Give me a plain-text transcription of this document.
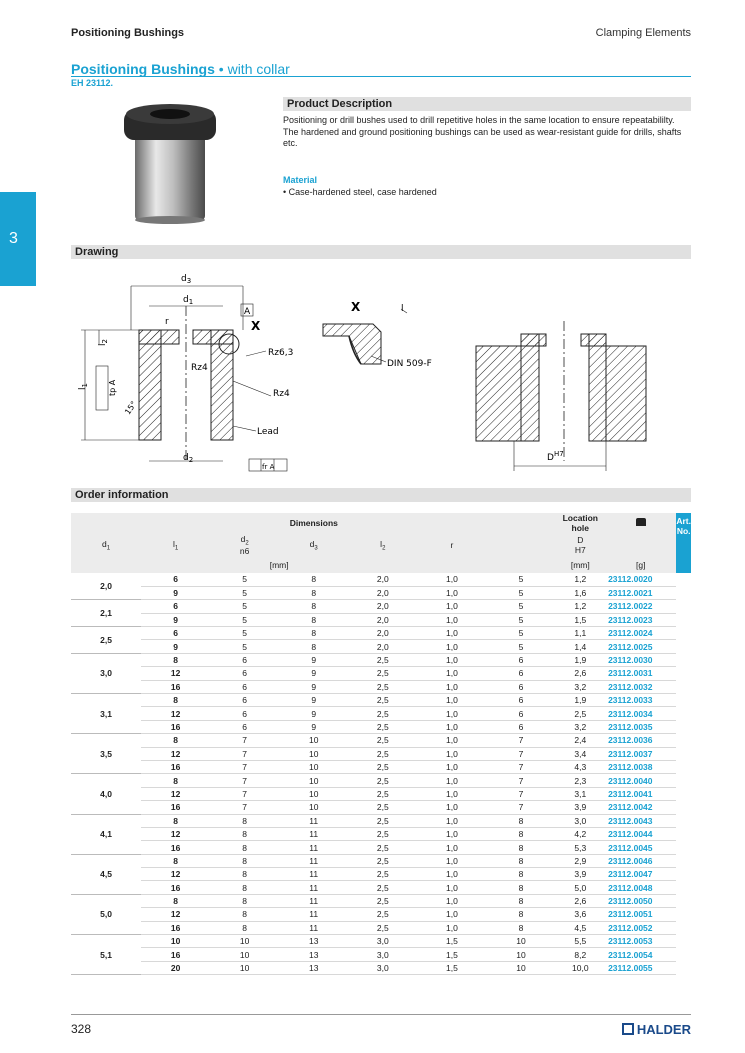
Positioning Bushings	Clamping Elements
Positioning Bushings • with collar
EH 23112.
3
Product Description
Positioning or drill bushes used to drill repetitive holes in the same location to ensure repeatabililty.
The hardened and ground positioning bushings can be used as wear-resistant guide for drills, shafts etc.
Material
• Case-hardened steel, case hardened
Drawing
$d_3$
$d_1$
A
X
r
$l_2$
$l_1$
Rz6,3
Rz4
Rz4
tp A
15°
Lead
$d_2$
fr A
X	l
DIN 509-F
$D^{H7}$
Order information
328	HALDER
	Dimensions						Location hole		Art. No.
$d_1$	$l_1$	$d_2$
n6	$d_3$	$l_2$	r		D
H7		
		[mm]					[mm]	[g]	
2,0	6	5	8	2,0	1,0	5	1,2	23112.0020	
	9	5	8	2,0	1,0	5	1,6	23112.0021	
2,1	6	5	8	2,0	1,0	5	1,2	23112.0022	
	9	5	8	2,0	1,0	5	1,5	23112.0023	
2,5	6	5	8	2,0	1,0	5	1,1	23112.0024	
	9	5	8	2,0	1,0	5	1,4	23112.0025	
3,0	8	6	9	2,5	1,0	6	1,9	23112.0030	
	12	6	9	2,5	1,0	6	2,6	23112.0031	
	16	6	9	2,5	1,0	6	3,2	23112.0032	
3,1	8	6	9	2,5	1,0	6	1,9	23112.0033	
	12	6	9	2,5	1,0	6	2,5	23112.0034	
	16	6	9	2,5	1,0	6	3,2	23112.0035	
3,5	8	7	10	2,5	1,0	7	2,4	23112.0036	
	12	7	10	2,5	1,0	7	3,4	23112.0037	
	16	7	10	2,5	1,0	7	4,3	23112.0038	
4,0	8	7	10	2,5	1,0	7	2,3	23112.0040	
	12	7	10	2,5	1,0	7	3,1	23112.0041	
	16	7	10	2,5	1,0	7	3,9	23112.0042	
4,1	8	8	11	2,5	1,0	8	3,0	23112.0043	
	12	8	11	2,5	1,0	8	4,2	23112.0044	
	16	8	11	2,5	1,0	8	5,3	23112.0045	
4,5	8	8	11	2,5	1,0	8	2,9	23112.0046	
	12	8	11	2,5	1,0	8	3,9	23112.0047	
	16	8	11	2,5	1,0	8	5,0	23112.0048	
5,0	8	8	11	2,5	1,0	8	2,6	23112.0050	
	12	8	11	2,5	1,0	8	3,6	23112.0051	
	16	8	11	2,5	1,0	8	4,5	23112.0052	
5,1	10	10	13	3,0	1,5	10	5,5	23112.0053	
	16	10	13	3,0	1,5	10	8,2	23112.0054	
	20	10	13	3,0	1,5	10	10,0	23112.0055	
